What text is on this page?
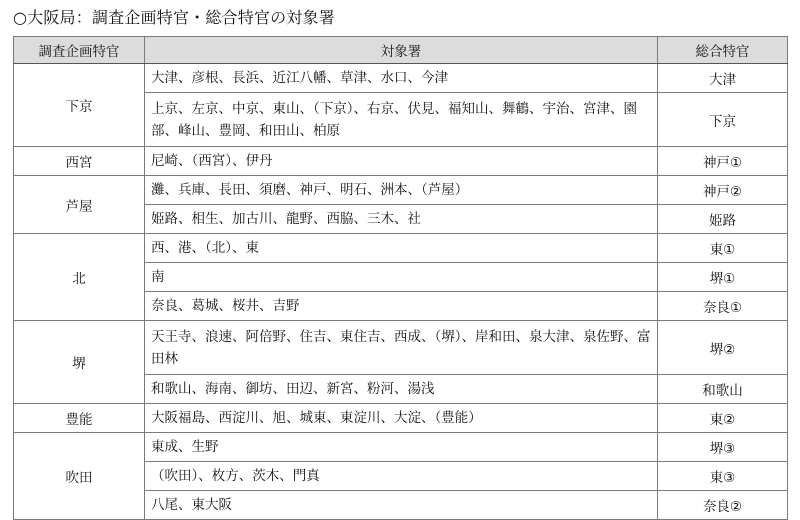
○大阪局：調査企画特官・総合特官の対象署
調査企画特官	対象署	総合特官
下京	大津、彦根、長浜、近江八幡、草津、水口、今津	大津
	上京、左京、中京、東山、（下京）、右京、伏見、福知山、舞鶴、宇治、宮津、園部、峰山、豊岡、和田山、柏原	下京
西宮	尼崎、（西宮）、伊丹	神戸①
芦屋	灘、兵庫、長田、須磨、神戸、明石、洲本、（芦屋）	神戸②
	姫路、相生、加古川、龍野、西脇、三木、社	姫路
北	西、港、（北）、東	東①
	南	堺①
	奈良、葛城、桜井、吉野	奈良①
堺	天王寺、浪速、阿倍野、住吉、東住吉、西成、（堺）、岸和田、泉大津、泉佐野、富田林	堺②
	和歌山、海南、御坊、田辺、新宮、粉河、湯浅	和歌山
豊能	大阪福島、西淀川、旭、城東、東淀川、大淀、（豊能）	東②
吹田	東成、生野	堺③
	（吹田）、枚方、茨木、門真	東③
	八尾、東大阪	奈良②
